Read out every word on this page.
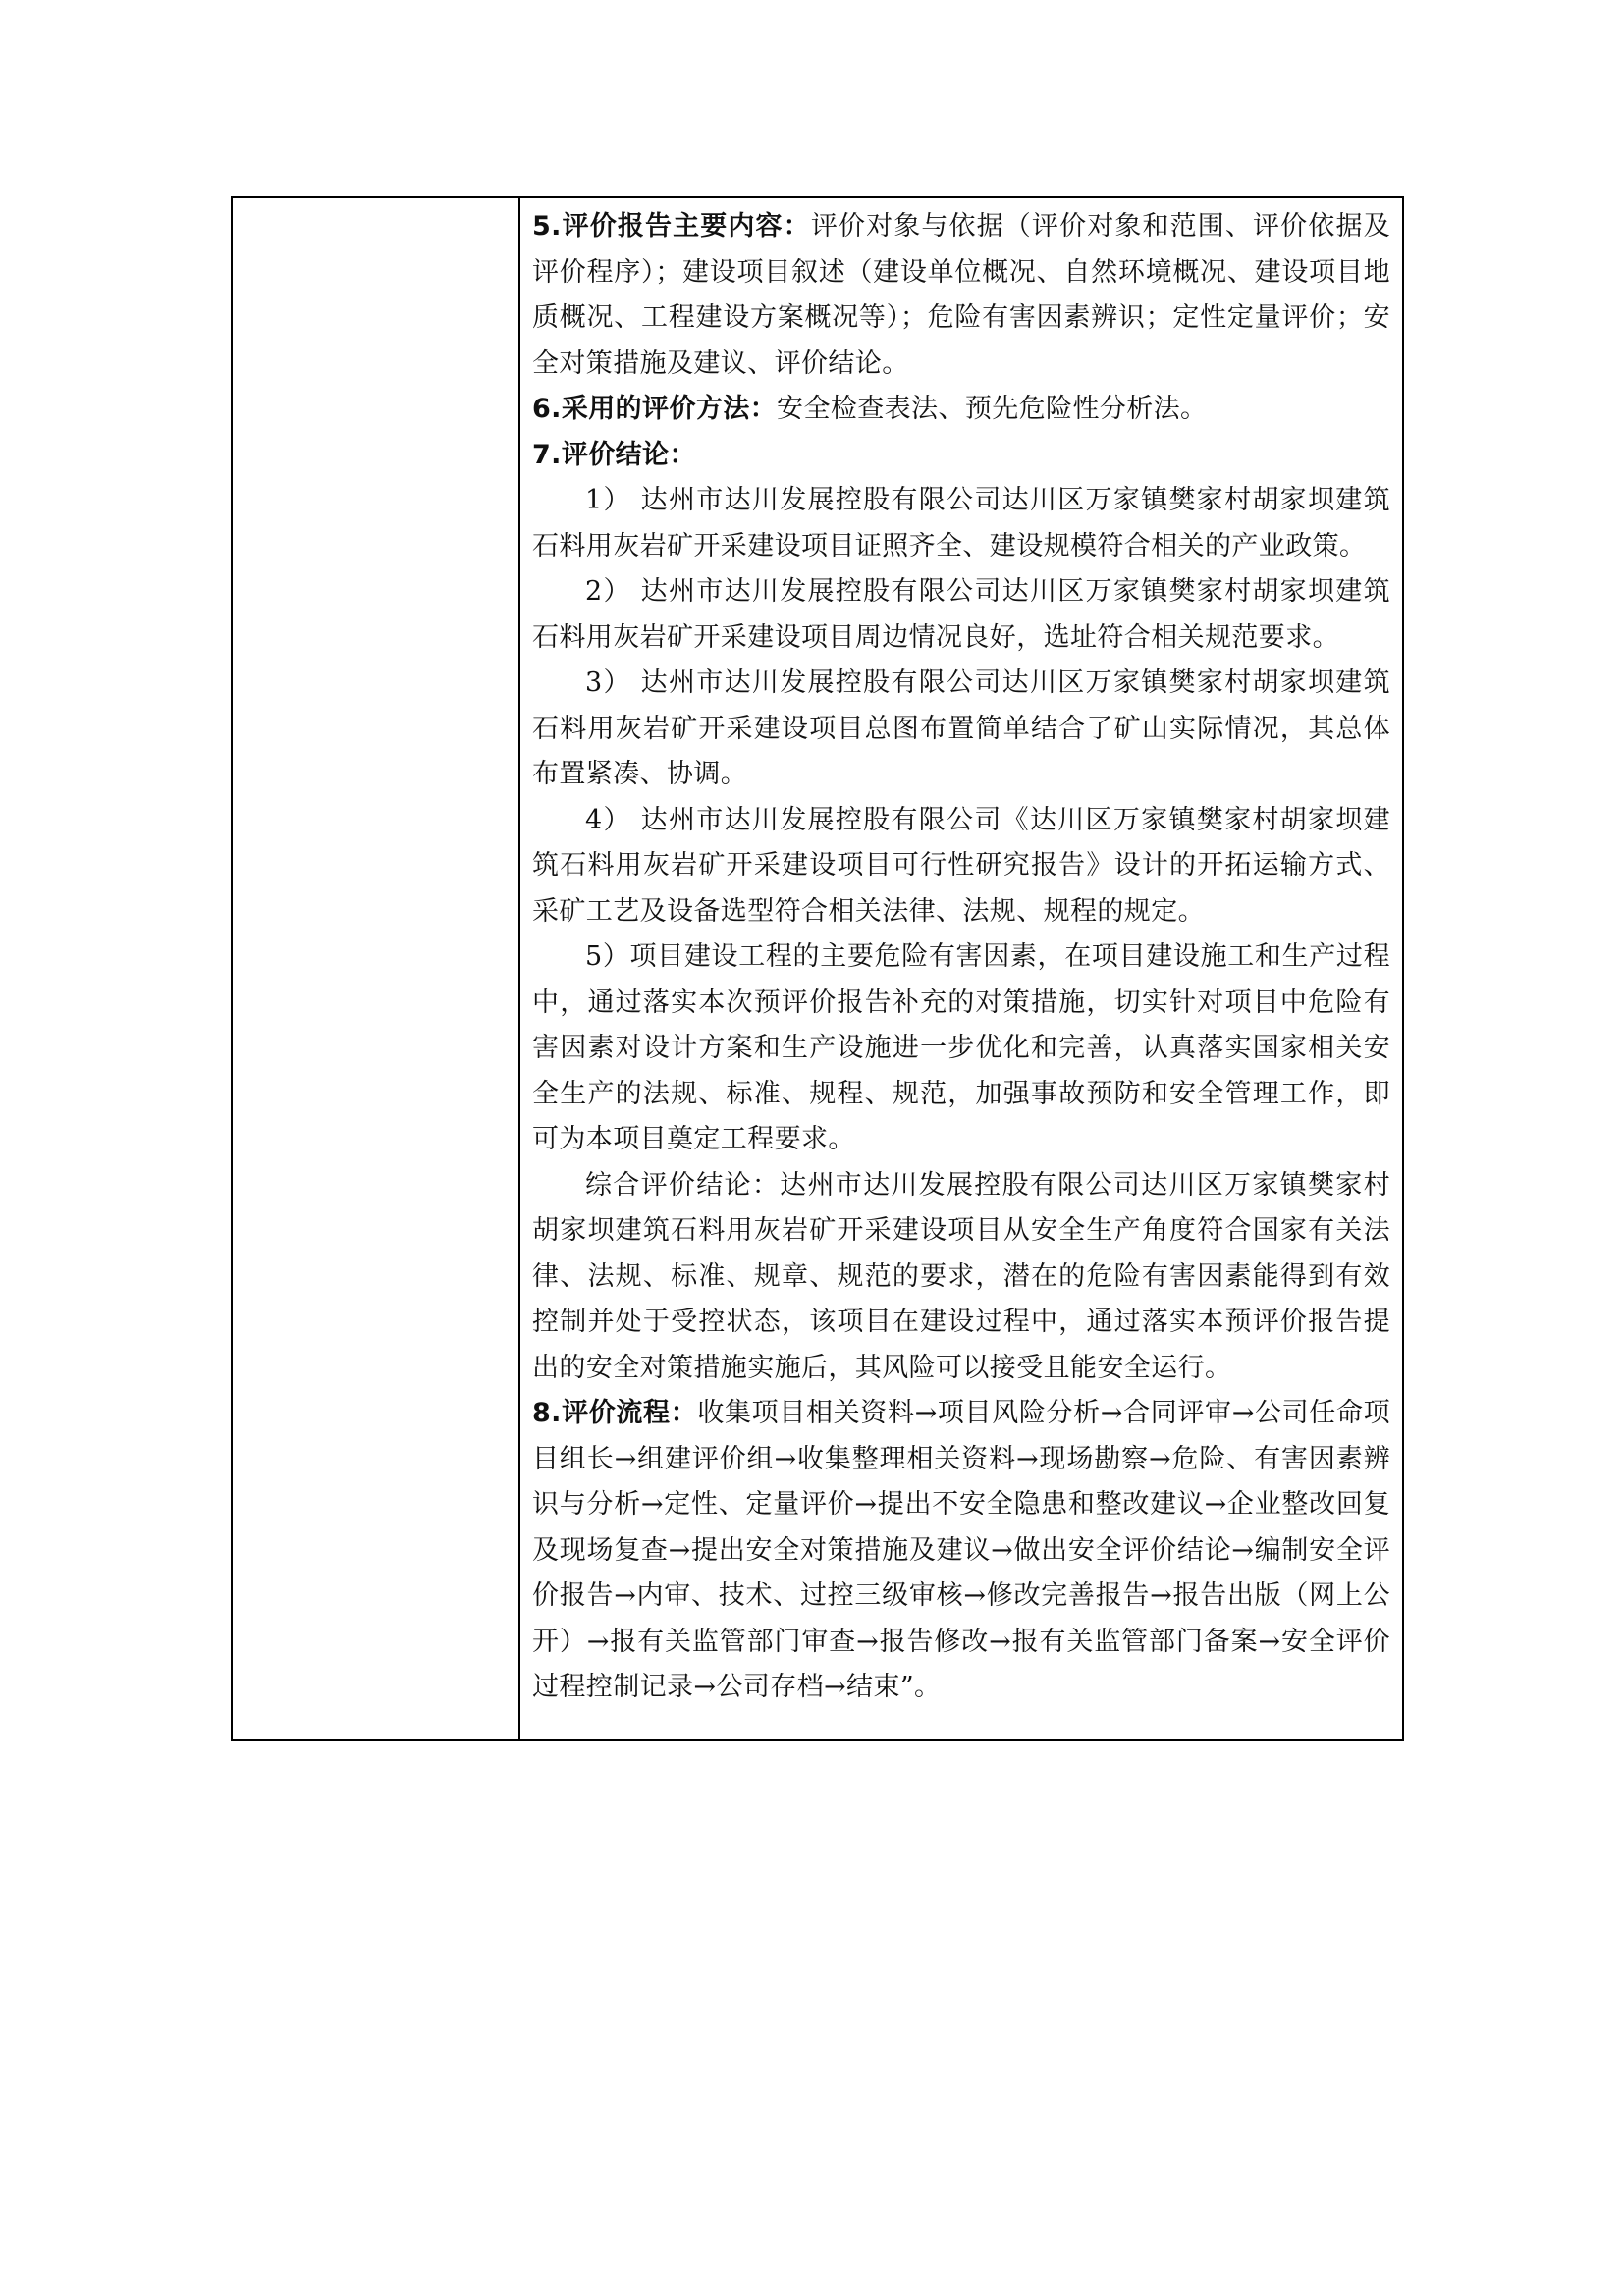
5.评价报告主要内容：评价对象与依据（评价对象和范围、评价依据及评价程序）；建设项目叙述（建设单位概况、自然环境概况、建设项目地质概况、工程建设方案概况等）；危险有害因素辨识；定性定量评价；安全对策措施及建议、评价结论。

6.采用的评价方法：安全检查表法、预先危险性分析法。

7.评价结论：

1） 达州市达川发展控股有限公司达川区万家镇樊家村胡家坝建筑石料用灰岩矿开采建设项目证照齐全、建设规模符合相关的产业政策。

2） 达州市达川发展控股有限公司达川区万家镇樊家村胡家坝建筑石料用灰岩矿开采建设项目周边情况良好，选址符合相关规范要求。

3） 达州市达川发展控股有限公司达川区万家镇樊家村胡家坝建筑石料用灰岩矿开采建设项目总图布置简单结合了矿山实际情况，其总体布置紧凑、协调。

4） 达州市达川发展控股有限公司《达川区万家镇樊家村胡家坝建筑石料用灰岩矿开采建设项目可行性研究报告》设计的开拓运输方式、采矿工艺及设备选型符合相关法律、法规、规程的规定。

5）项目建设工程的主要危险有害因素，在项目建设施工和生产过程中，通过落实本次预评价报告补充的对策措施，切实针对项目中危险有害因素对设计方案和生产设施进一步优化和完善，认真落实国家相关安全生产的法规、标准、规程、规范，加强事故预防和安全管理工作，即可为本项目奠定工程要求。

综合评价结论：达州市达川发展控股有限公司达川区万家镇樊家村胡家坝建筑石料用灰岩矿开采建设项目从安全生产角度符合国家有关法律、法规、标准、规章、规范的要求，潜在的危险有害因素能得到有效控制并处于受控状态，该项目在建设过程中，通过落实本预评价报告提出的安全对策措施实施后，其风险可以接受且能安全运行。

8.评价流程：收集项目相关资料→项目风险分析→合同评审→公司任命项目组长→组建评价组→收集整理相关资料→现场勘察→危险、有害因素辨识与分析→定性、定量评价→提出不安全隐患和整改建议→企业整改回复及现场复查→提出安全对策措施及建议→做出安全评价结论→编制安全评价报告→内审、技术、过控三级审核→修改完善报告→报告出版（网上公开）→报有关监管部门审查→报告修改→报有关监管部门备案→安全评价过程控制记录→公司存档→结束”。
